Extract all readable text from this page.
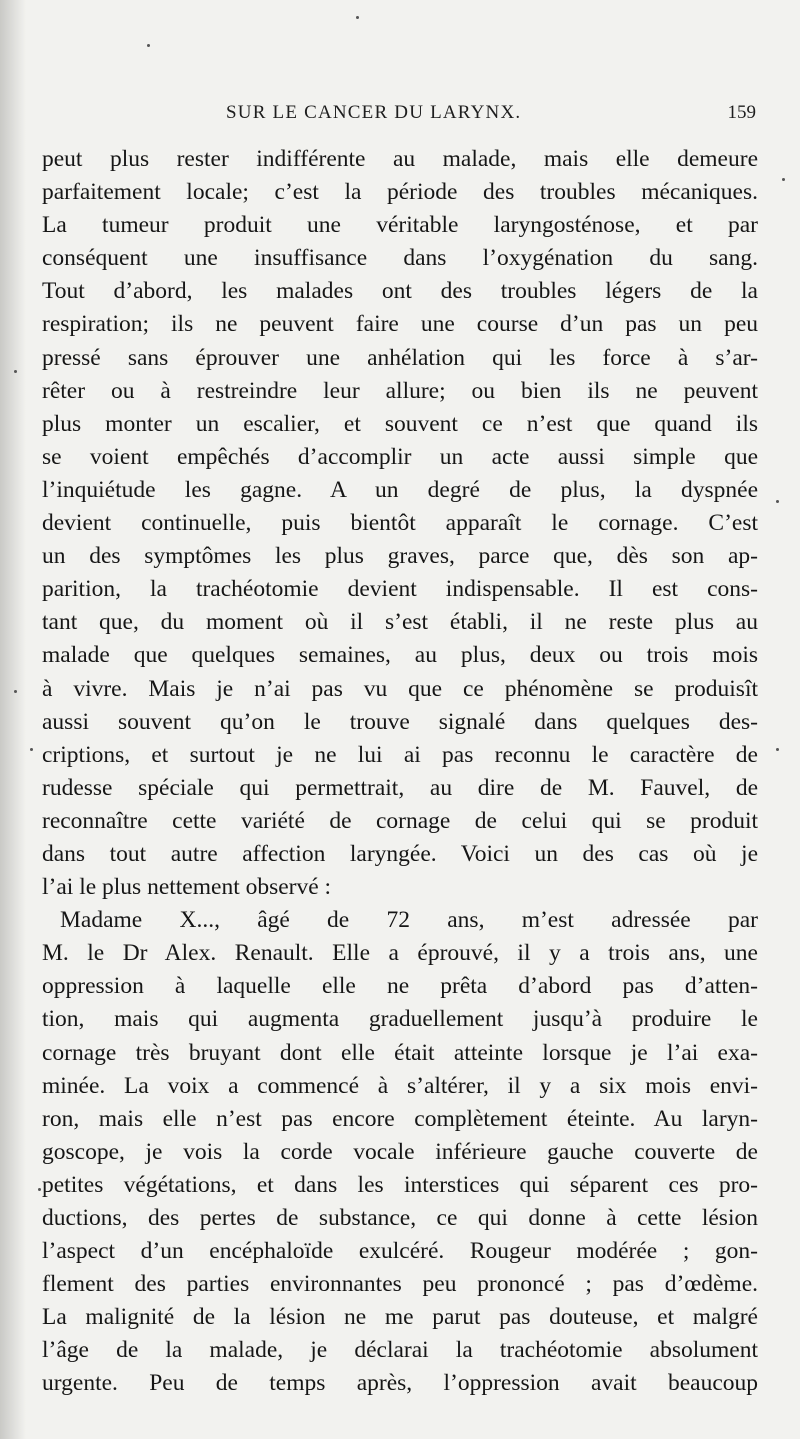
SUR LE CANCER DU LARYNX.	159
peut plus rester indifférente au malade, mais elle demeure
parfaitement locale; c’est la période des troubles mécaniques.
La tumeur produit une véritable laryngosténose, et par
conséquent une insuffisance dans l’oxygénation du sang.
Tout d’abord, les malades ont des troubles légers de la
respiration; ils ne peuvent faire une course d’un pas un peu
pressé sans éprouver une anhélation qui les force à s’ar-
rêter ou à restreindre leur allure; ou bien ils ne peuvent
plus monter un escalier, et souvent ce n’est que quand ils
se voient empêchés d’accomplir un acte aussi simple que
l’inquiétude les gagne. A un degré de plus, la dyspnée
devient continuelle, puis bientôt apparaît le cornage. C’est
un des symptômes les plus graves, parce que, dès son ap-
parition, la trachéotomie devient indispensable. Il est cons-
tant que, du moment où il s’est établi, il ne reste plus au
malade que quelques semaines, au plus, deux ou trois mois
à vivre. Mais je n’ai pas vu que ce phénomène se produisît
aussi souvent qu’on le trouve signalé dans quelques des-
criptions, et surtout je ne lui ai pas reconnu le caractère de
rudesse spéciale qui permettrait, au dire de M. Fauvel, de
reconnaître cette variété de cornage de celui qui se produit
dans tout autre affection laryngée. Voici un des cas où je
l’ai le plus nettement observé :
Madame X..., âgé de 72 ans, m’est adressée par
M. le Dr Alex. Renault. Elle a éprouvé, il y a trois ans, une
oppression à laquelle elle ne prêta d’abord pas d’atten-
tion, mais qui augmenta graduellement jusqu’à produire le
cornage très bruyant dont elle était atteinte lorsque je l’ai exa-
minée. La voix a commencé à s’altérer, il y a six mois envi-
ron, mais elle n’est pas encore complètement éteinte. Au laryn-
goscope, je vois la corde vocale inférieure gauche couverte de
petites végétations, et dans les interstices qui séparent ces pro-
ductions, des pertes de substance, ce qui donne à cette lésion
l’aspect d’un encéphaloïde exulcéré. Rougeur modérée ; gon-
flement des parties environnantes peu prononcé ; pas d’œdème.
La malignité de la lésion ne me parut pas douteuse, et malgré
l’âge de la malade, je déclarai la trachéotomie absolument
urgente. Peu de temps après, l’oppression avait beaucoup
